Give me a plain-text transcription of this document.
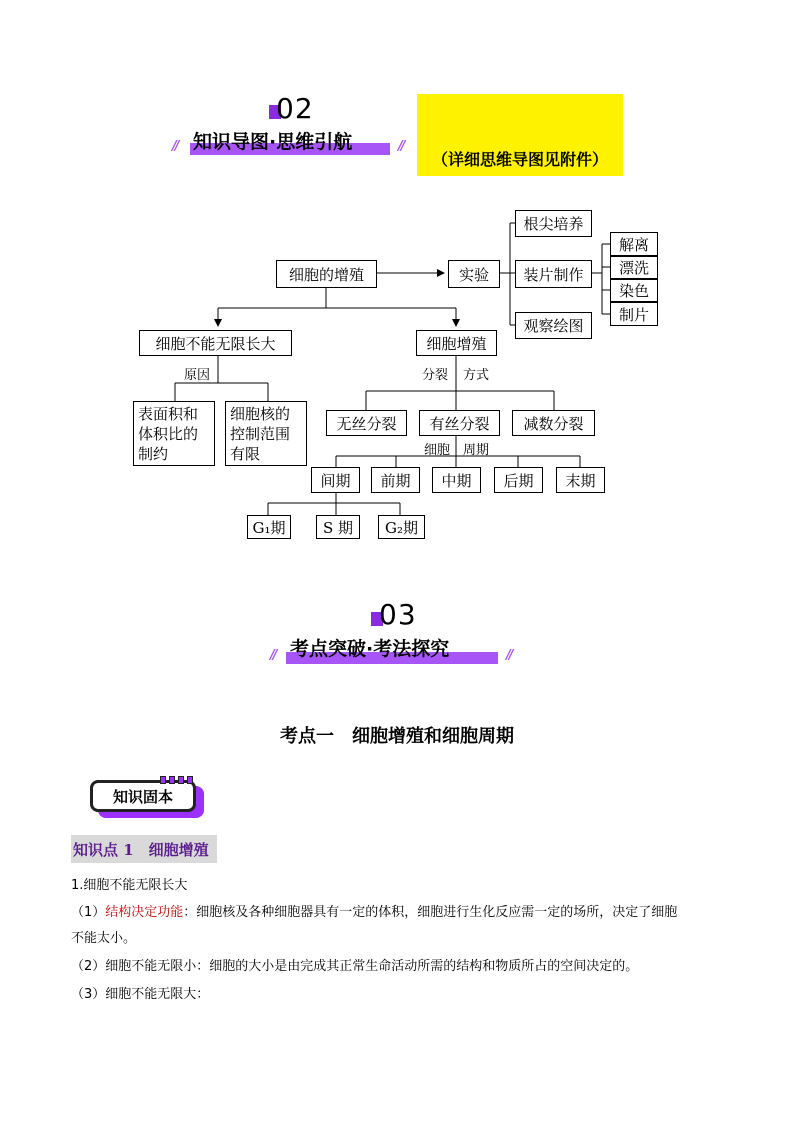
02
// 知识导图·思维引航	//
（详细思维导图见附件）
细胞的增殖	实验
根尖培养
装片制作
观察绘图
解离
漂洗
染色
制片
细胞不能无限长大
原因
表面积和
体积比的
制约
细胞核的
控制范围
有限
细胞增殖
分裂 方式
无丝分裂	有丝分裂	减数分裂
细胞 周期
间期	前期	中期	后期	末期
G₁期	S 期	G₂期
03
// 考点突破·考法探究	//
考点一　细胞增殖和细胞周期
知识固本
知识点 1　细胞增殖
1.细胞不能无限长大
（1）结构决定功能：细胞核及各种细胞器具有一定的体积，细胞进行生化反应需一定的场所，决定了细胞
不能太小。
（2）细胞不能无限小：细胞的大小是由完成其正常生命活动所需的结构和物质所占的空间决定的。
（3）细胞不能无限大：
